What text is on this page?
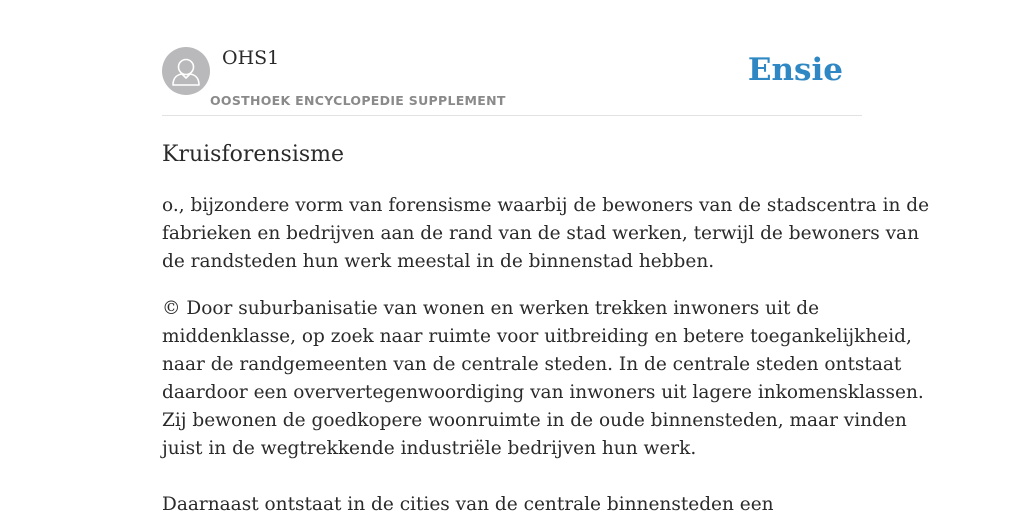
OHS1
OOSTHOEK ENCYCLOPEDIE SUPPLEMENT
Ensie
Kruisforensisme

o., bijzondere vorm van forensisme waarbij de bewoners van de stadscentra in de
fabrieken en bedrijven aan de rand van de stad werken, terwijl de bewoners van
de randsteden hun werk meestal in de binnenstad hebben.

© Door suburbanisatie van wonen en werken trekken inwoners uit de
middenklasse, op zoek naar ruimte voor uitbreiding en betere toegankelijkheid,
naar de randgemeenten van de centrale steden. In de centrale steden ontstaat
daardoor een oververtegenwoordiging van inwoners uit lagere inkomensklassen.
Zij bewonen de goedkopere woonruimte in de oude binnensteden, maar vinden
juist in de wegtrekkende industriële bedrijven hun werk.
Daarnaast ontstaat in de cities van de centrale binnensteden een
